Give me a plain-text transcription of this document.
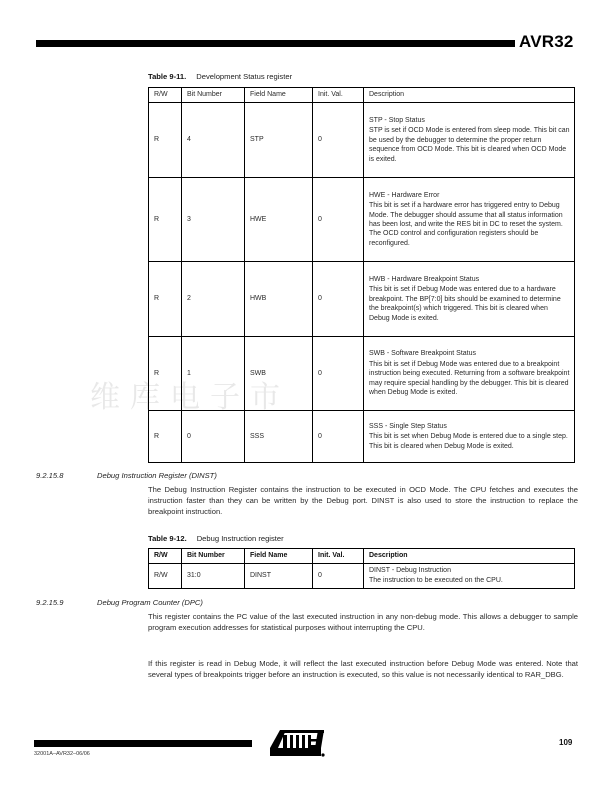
AVR32
维库电子市
Table 9-11. Development Status register
R/W	Bit Number	Field Name	Init. Val.	Description
R	4	STP	0	STP - Stop Status
STP is set if OCD Mode is entered from sleep mode. This bit can be used by the debugger to determine the proper return sequence from OCD Mode. This bit is cleared when OCD Mode is exited.

R	3	HWE	0	HWE - Hardware Error
This bit is set if a hardware error has triggered entry to Debug Mode. The debugger should assume that all status information has been lost, and write the RES bit in DC to reset the system. The OCD control and configuration registers should be reconfigured.

R	2	HWB	0	HWB - Hardware Breakpoint Status
This bit is set if Debug Mode was entered due to a hardware breakpoint. The BP[7:0] bits should be examined to determine the breakpoint(s) which triggered. This bit is cleared when Debug Mode is exited.

R	1	SWB	0	SWB - Software Breakpoint Status
This bit is set if Debug Mode was entered due to a breakpoint instruction being executed. Returning from a software breakpoint may require special handling by the debugger. This bit is cleared when Debug Mode is exited.

R	0	SSS	0	SSS - Single Step Status
This bit is set when Debug Mode is entered due to a single step. This bit is cleared when Debug Mode is exited.
9.2.15.8	Debug Instruction Register (DINST)
The Debug Instruction Register contains the instruction to be executed in OCD Mode. The CPU fetches and executes the instruction faster than they can be written by the Debug port. DINST is also used to store the instruction to replace the breakpoint instruction.
Table 9-12. Debug Instruction register
R/W	Bit Number	Field Name	Init. Val.	Description
R/W	31:0	DINST	0	DINST - Debug Instruction
The instruction to be executed on the CPU.
9.2.15.9	Debug Program Counter (DPC)
This register contains the PC value of the last executed instruction in any non-debug mode. This allows a debugger to sample program execution addresses for statistical purposes without interrupting the CPU.
If this register is read in Debug Mode, it will reflect the last executed instruction before Debug Mode was entered. Note that several types of breakpoints trigger before an instruction is executed, so this value is not necessarily identical to RAR_DBG.
32001A–AVR32–06/06
109
